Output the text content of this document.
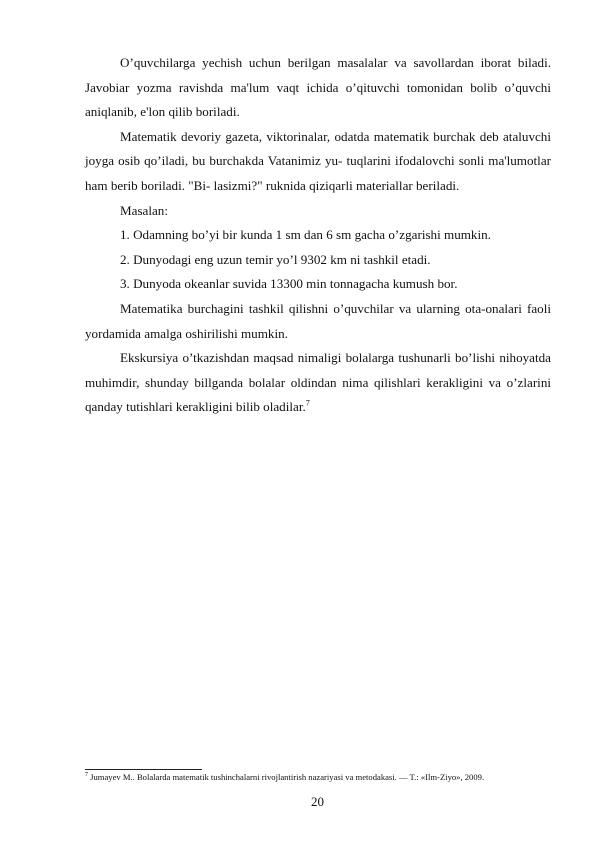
O’quvchilarga yechish uchun berilgan masalalar va savollardan iborat biladi. Javobiar yozma ravishda ma'lum vaqt ichida o’qituvchi tomonidan bolib o’quvchi aniqlanib, e'lon qilib boriladi.

Matematik devoriy gazeta, viktorinalar, odatda matematik burchak deb ataluvchi joyga osib qo’iladi, bu burchakda Vatanimiz yu- tuqlarini ifodalovchi sonli ma'lumotlar ham berib boriladi. "Bi- lasizmi?" ruknida qiziqarli materiallar beriladi.

Masalan:

1. Odamning bo’yi bir kunda 1 sm dan 6 sm gacha o’zgarishi mumkin.

2. Dunyodagi eng uzun temir yo’l 9302 km ni tashkil etadi.

3. Dunyoda okeanlar suvida 13300 min tonnagacha kumush bor.

Matematika burchagini tashkil qilishni o’quvchilar va ularning ota-onalari faoli yordamida amalga oshirilishi mumkin.

Ekskursiya o’tkazishdan maqsad nimaligi bolalarga tushunarli bo’lishi nihoyatda muhimdir, shunday billganda bolalar oldindan nima qilishlari kerakligini va o’zlarini qanday tutishlari kerakligini bilib oladilar.$^7$

$^7$ Jumayev M.. Bolalarda matematik tushinchalarni rivojlantirish nazariyasi va metodakasi. — T.: «Ilm-Ziyo», 2009.
20
